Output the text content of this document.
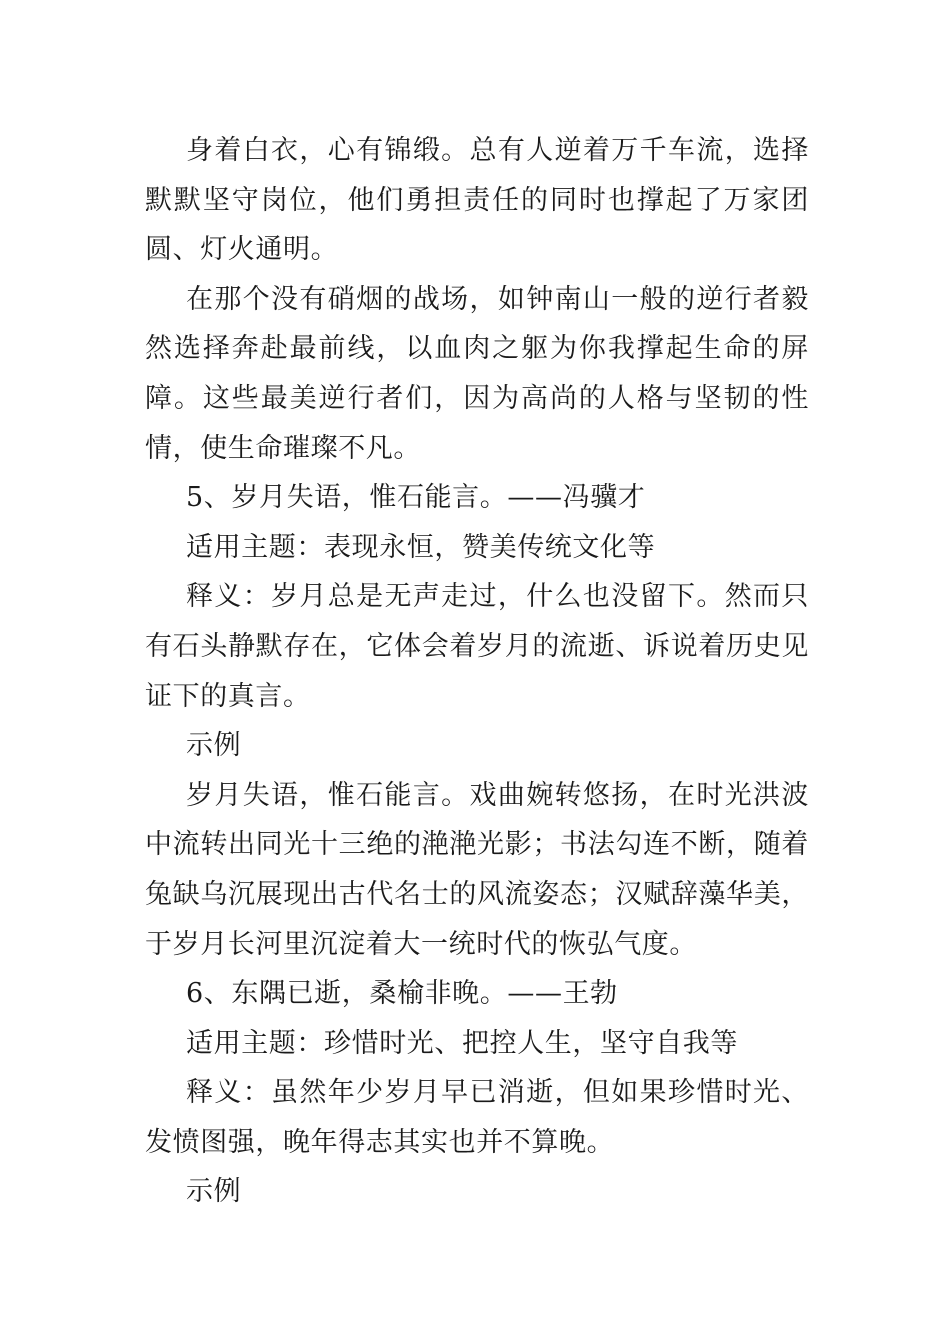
身着白衣，心有锦缎。总有人逆着万千车流，选择默默坚守岗位，他们勇担责任的同时也撑起了万家团圆、灯火通明。

在那个没有硝烟的战场，如钟南山一般的逆行者毅然选择奔赴最前线，以血肉之躯为你我撑起生命的屏障。这些最美逆行者们，因为高尚的人格与坚韧的性情，使生命璀璨不凡。

5、岁月失语，惟石能言。——冯骥才

适用主题：表现永恒，赞美传统文化等

释义：岁月总是无声走过，什么也没留下。然而只有石头静默存在，它体会着岁月的流逝、诉说着历史见证下的真言。

示例

岁月失语，惟石能言。戏曲婉转悠扬，在时光洪波中流转出同光十三绝的滟滟光影；书法勾连不断，随着兔缺乌沉展现出古代名士的风流姿态；汉赋辞藻华美，于岁月长河里沉淀着大一统时代的恢弘气度。

6、东隅已逝，桑榆非晚。——王勃

适用主题：珍惜时光、把控人生，坚守自我等

释义：虽然年少岁月早已消逝，但如果珍惜时光、发愤图强，晚年得志其实也并不算晚。

示例
